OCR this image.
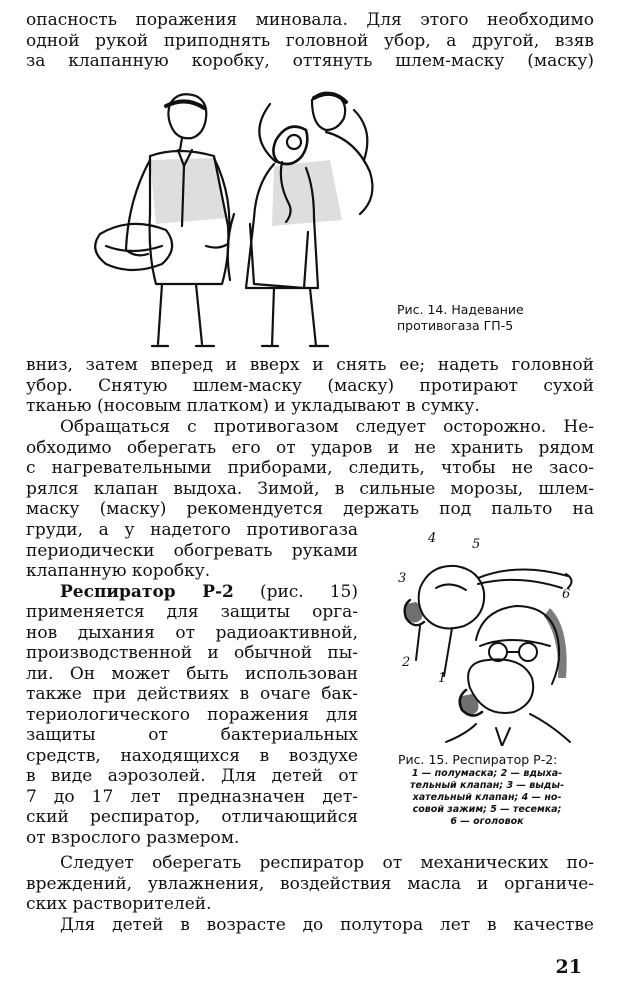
опасность поражения миновала. Для этого необходимо
одной рукой приподнять головной убор, а другой, взяв
за клапанную коробку, оттянуть шлем-маску (маску)
Рис. 14. Надевание
противогаза ГП-5
вниз, затем вперед и вверх и снять ее; надеть головной
убор. Снятую шлем-маску (маску) протирают сухой
тканью (носовым платком) и укладывают в сумку.
Обращаться с противогазом следует осторожно. Не-
обходимо оберегать его от ударов и не хранить рядом
с нагревательными приборами, следить, чтобы не засо-
рялся клапан выдоха. Зимой, в сильные морозы, шлем-
маску (маску) рекомендуется держать под пальто на
груди, а у надетого противогаза
периодически обогревать руками
клапанную коробку.
Респиратор Р-2 (рис. 15)
применяется для защиты орга-
нов дыхания от радиоактивной,
производственной и обычной пы-
ли. Он может быть использован
также при действиях в очаге бак-
териологического поражения для
защиты от бактериальных
средств, находящихся в воздухе
в виде аэрозолей. Для детей от
7 до 17 лет предназначен дет-
ский респиратор, отличающийся
от взрослого размером.
4	5
3
6
2
1
Рис. 15. Респиратор Р-2:
1 — полумаска; 2 — вдыха-
тельный клапан; 3 — выды-
хательный клапан; 4 — но-
совой зажим; 5 — тесемка;
6 — оголовок
Следует оберегать респиратор от механических по-
вреждений, увлажнения, воздействия масла и органиче-
ских растворителей.
Для детей в возрасте до полутора лет в качестве
21
